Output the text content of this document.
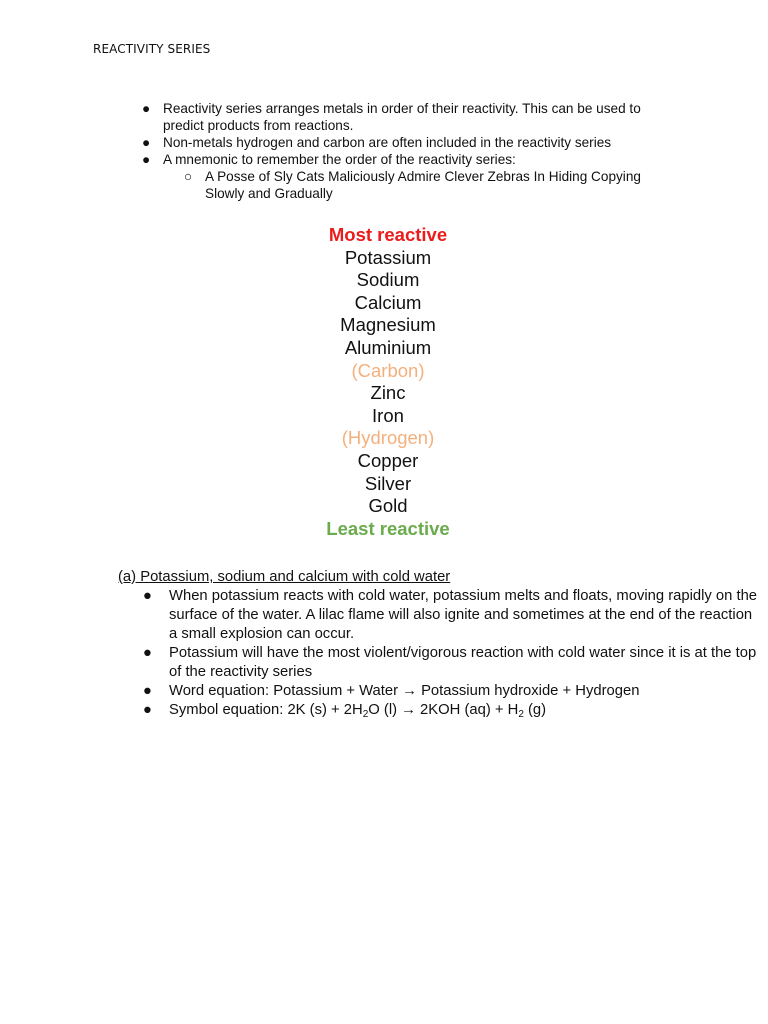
REACTIVITY SERIES
● Reactivity series arranges metals in order of their reactivity. This can be used to predict products from reactions.
● Non-metals hydrogen and carbon are often included in the reactivity series
● A mnemonic to remember the order of the reactivity series:
○ A Posse of Sly Cats Maliciously Admire Clever Zebras In Hiding Copying Slowly and Gradually
Most reactive
Potassium
Sodium
Calcium
Magnesium
Aluminium
(Carbon)
Zinc
Iron
(Hydrogen)
Copper
Silver
Gold
Least reactive
(a) Potassium, sodium and calcium with cold water
● When potassium reacts with cold water, potassium melts and floats, moving rapidly on the surface of the water. A lilac flame will also ignite and sometimes at the end of the reaction a small explosion can occur.
● Potassium will have the most violent/vigorous reaction with cold water since it is at the top of the reactivity series
● Word equation: Potassium + Water → Potassium hydroxide + Hydrogen
● Symbol equation: 2K $(s) + 2H_2O$ (l) → 2KOH $(aq) + H_2$ (g)
